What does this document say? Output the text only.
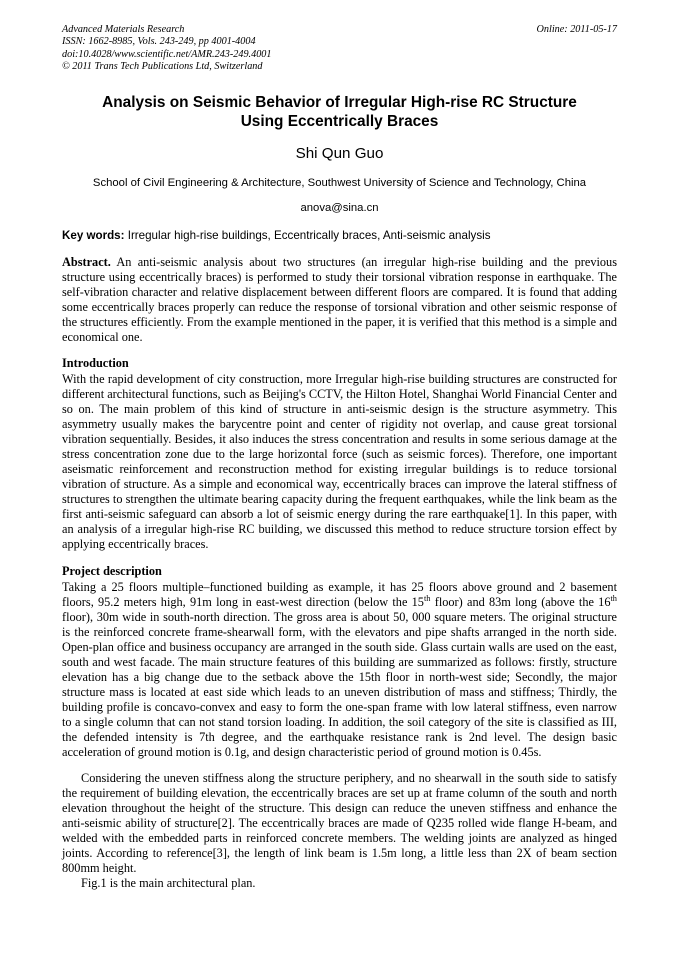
Advanced Materials Research
ISSN: 1662-8985, Vols. 243-249, pp 4001-4004
doi:10.4028/www.scientific.net/AMR.243-249.4001
© 2011 Trans Tech Publications Ltd, Switzerland
Online: 2011-05-17
Analysis on Seismic Behavior of Irregular High-rise RC Structure
Using Eccentrically Braces
Shi Qun Guo
School of Civil Engineering & Architecture, Southwest University of Science and Technology, China
anova@sina.cn
Key words: Irregular high-rise buildings, Eccentrically braces, Anti-seismic analysis

Abstract. An anti-seismic analysis about two structures (an irregular high-rise building and the previous structure using eccentrically braces) is performed to study their torsional vibration response in earthquake. The self-vibration character and relative displacement between different floors are compared. It is found that adding some eccentrically braces properly can reduce the response of torsional vibration and other seismic response of the structures efficiently. From the example mentioned in the paper, it is verified that this method is a simple and economical one.

Introduction

With the rapid development of city construction, more Irregular high-rise building structures are constructed for different architectural functions, such as Beijing's CCTV, the Hilton Hotel, Shanghai World Financial Center and so on. The main problem of this kind of structure in anti-seismic design is the structure asymmetry. This asymmetry usually makes the barycentre point and center of rigidity not overlap, and cause great torsional vibration sequentially. Besides, it also induces the stress concentration and results in some serious damage at the stress concentration zone due to the large horizontal force (such as seismic forces). Therefore, one important aseismatic reinforcement and reconstruction method for existing irregular buildings is to reduce torsional vibration of structure. As a simple and economical way, eccentrically braces can improve the lateral stiffness of structures to strengthen the ultimate bearing capacity during the frequent earthquakes, while the link beam as the first anti-seismic safeguard can absorb a lot of seismic energy during the rare earthquake[1]. In this paper, with an analysis of a irregular high-rise RC building, we discussed this method to reduce structure torsion effect by applying eccentrically braces.

Project description

Taking a 25 floors multiple–functioned building as example, it has 25 floors above ground and 2 basement floors, 95.2 meters high, 91m long in east-west direction (below the 15th floor) and 83m long (above the 16th floor), 30m wide in south-north direction. The gross area is about 50, 000 square meters. The original structure is the reinforced concrete frame-shearwall form, with the elevators and pipe shafts arranged in the north side. Open-plan office and business occupancy are arranged in the south side. Glass curtain walls are used on the east, south and west facade. The main structure features of this building are summarized as follows: firstly, structure elevation has a big change due to the setback above the 15th floor in north-west side; Secondly, the major structure mass is located at east side which leads to an uneven distribution of mass and stiffness; Thirdly, the building profile is concavo-convex and easy to form the one-span frame with low lateral stiffness, even narrow to a single column that can not stand torsion loading. In addition, the soil category of the site is classified as III, the defended intensity is 7th degree, and the earthquake resistance rank is 2nd level. The design basic acceleration of ground motion is 0.1g, and design characteristic period of ground motion is 0.45s.

Considering the uneven stiffness along the structure periphery, and no shearwall in the south side to satisfy the requirement of building elevation, the eccentrically braces are set up at frame column of the south and north elevation throughout the height of the structure. This design can reduce the uneven stiffness and enhance the anti-seismic ability of structure[2]. The eccentrically braces are made of Q235 rolled wide flange H-beam, and welded with the embedded parts in reinforced concrete members. The welding joints are analyzed as hinged joints. According to reference[3], the length of link beam is 1.5m long, a little less than 2X of beam section 800mm height.

Fig.1 is the main architectural plan.
